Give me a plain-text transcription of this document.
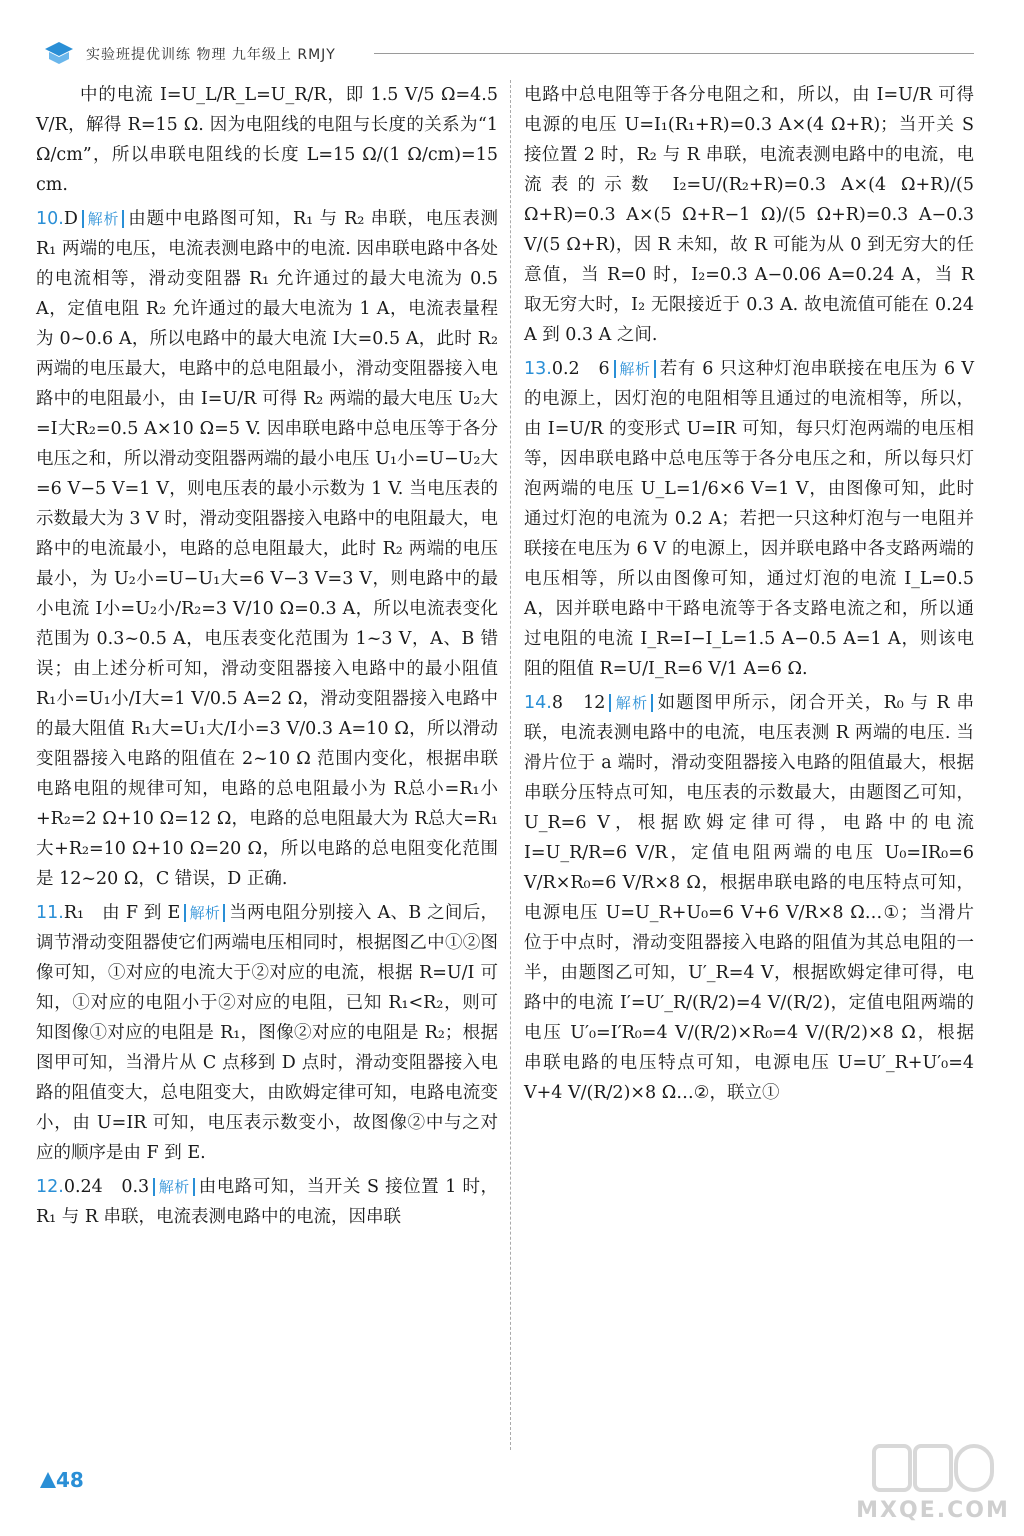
实验班提优训练 物理 九年级上 RMJY

中的电流 I=U_L/R_L=U_R/R，即 1.5 V/5 Ω=4.5 V/R，解得 R=15 Ω. 因为电阻线的电阻与长度的关系为“1 Ω/cm”，所以串联电阻线的长度 L=15 Ω/(1 Ω/cm)=15 cm.

10.D 解析 由题中电路图可知，R₁ 与 R₂ 串联，电压表测 R₁ 两端的电压，电流表测电路中的电流. 因串联电路中各处的电流相等，滑动变阻器 R₁ 允许通过的最大电流为 0.5 A，定值电阻 R₂ 允许通过的最大电流为 1 A，电流表量程为 0~0.6 A，所以电路中的最大电流 I大=0.5 A，此时 R₂ 两端的电压最大，电路中的总电阻最小，滑动变阻器接入电路中的电阻最小，由 I=U/R 可得 R₂ 两端的最大电压 U₂大=I大R₂=0.5 A×10 Ω=5 V. 因串联电路中总电压等于各分电压之和，所以滑动变阻器两端的最小电压 U₁小=U−U₂大=6 V−5 V=1 V，则电压表的最小示数为 1 V. 当电压表的示数最大为 3 V 时，滑动变阻器接入电路中的电阻最大，电路中的电流最小，电路的总电阻最大，此时 R₂ 两端的电压最小，为 U₂小=U−U₁大=6 V−3 V=3 V，则电路中的最小电流 I小=U₂小/R₂=3 V/10 Ω=0.3 A，所以电流表变化范围为 0.3~0.5 A，电压表变化范围为 1~3 V，A、B 错误；由上述分析可知，滑动变阻器接入电路中的最小阻值 R₁小=U₁小/I大=1 V/0.5 A=2 Ω，滑动变阻器接入电路中的最大阻值 R₁大=U₁大/I小=3 V/0.3 A=10 Ω，所以滑动变阻器接入电路的阻值在 2~10 Ω 范围内变化，根据串联电路电阻的规律可知，电路的总电阻最小为 R总小=R₁小+R₂=2 Ω+10 Ω=12 Ω，电路的总电阻最大为 R总大=R₁大+R₂=10 Ω+10 Ω=20 Ω，所以电路的总电阻变化范围是 12~20 Ω，C 错误，D 正确.

11.R₁　由 F 到 E 解析 当两电阻分别接入 A、B 之间后，调节滑动变阻器使它们两端电压相同时，根据图乙中①②图像可知，①对应的电流大于②对应的电流，根据 R=U/I 可知，①对应的电阻小于②对应的电阻，已知 R₁<R₂，则可知图像①对应的电阻是 R₁，图像②对应的电阻是 R₂；根据图甲可知，当滑片从 C 点移到 D 点时，滑动变阻器接入电路的阻值变大，总电阻变大，由欧姆定律可知，电路电流变小，由 U=IR 可知，电压表示数变小，故图像②中与之对应的顺序是由 F 到 E.

12.0.24　0.3 解析 由电路可知，当开关 S 接位置 1 时，R₁ 与 R 串联，电流表测电路中的电流，因串联

电路中总电阻等于各分电阻之和，所以，由 I=U/R 可得电源的电压 U=I₁(R₁+R)=0.3 A×(4 Ω+R)；当开关 S 接位置 2 时，R₂ 与 R 串联，电流表测电路中的电流，电流表的示数 I₂=U/(R₂+R)=0.3 A×(4 Ω+R)/(5 Ω+R)=0.3 A×(5 Ω+R−1 Ω)/(5 Ω+R)=0.3 A−0.3 V/(5 Ω+R)，因 R 未知，故 R 可能为从 0 到无穷大的任意值，当 R=0 时，I₂=0.3 A−0.06 A=0.24 A，当 R 取无穷大时，I₂ 无限接近于 0.3 A. 故电流值可能在 0.24 A 到 0.3 A 之间.

13.0.2　6 解析 若有 6 只这种灯泡串联接在电压为 6 V 的电源上，因灯泡的电阻相等且通过的电流相等，所以，由 I=U/R 的变形式 U=IR 可知，每只灯泡两端的电压相等，因串联电路中总电压等于各分电压之和，所以每只灯泡两端的电压 U_L=1/6×6 V=1 V，由图像可知，此时通过灯泡的电流为 0.2 A；若把一只这种灯泡与一电阻并联接在电压为 6 V 的电源上，因并联电路中各支路两端的电压相等，所以由图像可知，通过灯泡的电流 I_L=0.5 A，因并联电路中干路电流等于各支路电流之和，所以通过电阻的电流 I_R=I−I_L=1.5 A−0.5 A=1 A，则该电阻的阻值 R=U/I_R=6 V/1 A=6 Ω.

14.8　12 解析 如题图甲所示，闭合开关，R₀ 与 R 串联，电流表测电路中的电流，电压表测 R 两端的电压. 当滑片位于 a 端时，滑动变阻器接入电路的阻值最大，根据串联分压特点可知，电压表的示数最大，由题图乙可知，U_R=6 V，根据欧姆定律可得，电路中的电流 I=U_R/R=6 V/R，定值电阻两端的电压 U₀=IR₀=6 V/R×R₀=6 V/R×8 Ω，根据串联电路的电压特点可知，电源电压 U=U_R+U₀=6 V+6 V/R×8 Ω…①；当滑片位于中点时，滑动变阻器接入电路的阻值为其总电阻的一半，由题图乙可知，U′_R=4 V，根据欧姆定律可得，电路中的电流 I′=U′_R/(R/2)=4 V/(R/2)，定值电阻两端的电压 U′₀=I′R₀=4 V/(R/2)×R₀=4 V/(R/2)×8 Ω，根据串联电路的电压特点可知，电源电压 U=U′_R+U′₀=4 V+4 V/(R/2)×8 Ω…②，联立①

48
MXQE.COM
